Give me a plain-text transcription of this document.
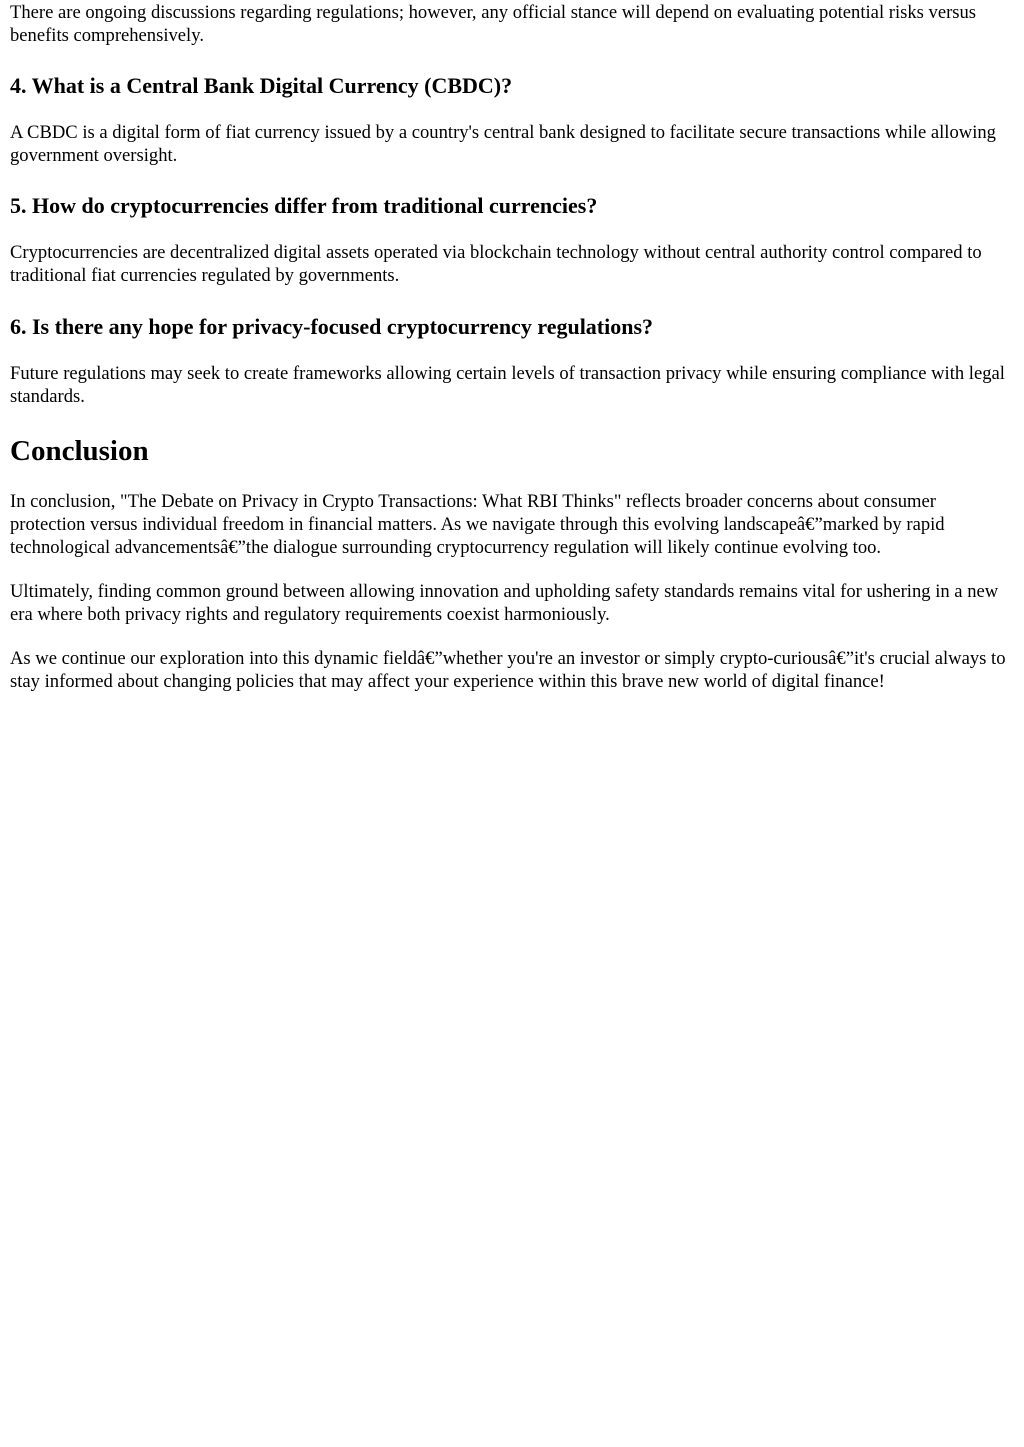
There are ongoing discussions regarding regulations; however, any official stance will depend on evaluating potential risks versus benefits comprehensively.

4. What is a Central Bank Digital Currency (CBDC)?

A CBDC is a digital form of fiat currency issued by a country's central bank designed to facilitate secure transactions while allowing government oversight.

5. How do cryptocurrencies differ from traditional currencies?

Cryptocurrencies are decentralized digital assets operated via blockchain technology without central authority control compared to traditional fiat currencies regulated by governments.

6. Is there any hope for privacy-focused cryptocurrency regulations?

Future regulations may seek to create frameworks allowing certain levels of transaction privacy while ensuring compliance with legal standards.

Conclusion

In conclusion, "The Debate on Privacy in Crypto Transactions: What RBI Thinks" reflects broader concerns about consumer protection versus individual freedom in financial matters. As we navigate through this evolving landscapeâ€”marked by rapid technological advancementsâ€”the dialogue surrounding cryptocurrency regulation will likely continue evolving too.

Ultimately, finding common ground between allowing innovation and upholding safety standards remains vital for ushering in a new era where both privacy rights and regulatory requirements coexist harmoniously.

As we continue our exploration into this dynamic fieldâ€”whether you're an investor or simply crypto-curiousâ€”it's crucial always to stay informed about changing policies that may affect your experience within this brave new world of digital finance!
